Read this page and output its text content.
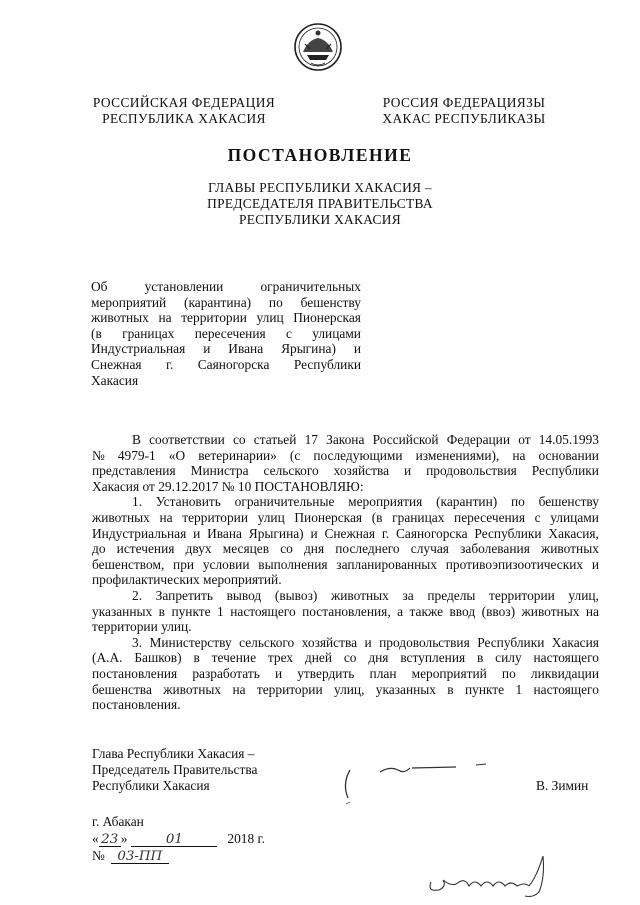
РОССИЙСКАЯ ФЕДЕРАЦИЯ
РЕСПУБЛИКА ХАКАСИЯ
РОССИЯ ФЕДЕРАЦИЯЗЫ
ХАКАС РЕСПУБЛИКАЗЫ
ПОСТАНОВЛЕНИЕ
ГЛАВЫ РЕСПУБЛИКИ ХАКАСИЯ –
ПРЕДСЕДАТЕЛЯ ПРАВИТЕЛЬСТВА
РЕСПУБЛИКИ ХАКАСИЯ
Об	установлении	ограничительных
мероприятий (карантина) по бешенству
животных на территории улиц Пионерская
(в границах пересечения с улицами
Индустриальная и Ивана Ярыгина) и
Снежная г. Саяногорска Республики
Хакасия
В соответствии со статьей 17 Закона Российской Федерации от 14.05.1993
№ 4979-1 «О ветеринарии» (с последующими изменениями), на основании
представления Министра сельского хозяйства и продовольствия Республики
Хакасия от 29.12.2017 № 10 ПОСТАНОВЛЯЮ:
1. Установить ограничительные мероприятия (карантин) по бешенству
животных на территории улиц Пионерская (в границах пересечения с улицами
Индустриальная и Ивана Ярыгина) и Снежная г. Саяногорска Республики Хакасия,
до истечения двух месяцев со дня последнего случая заболевания животных
бешенством, при условии выполнения запланированных противоэпизоотических и
профилактических мероприятий.
2. Запретить вывод (вывоз) животных за пределы территории улиц,
указанных в пункте 1 настоящего постановления, а также ввод (ввоз) животных на
территории улиц.
3. Министерству сельского хозяйства и продовольствия Республики Хакасия
(А.А. Башков) в течение трех дней со дня вступления в силу настоящего
постановления разработать и утвердить план мероприятий по ликвидации
бешенства животных на территории улиц, указанных в пункте 1 настоящего
постановления.
Глава Республики Хакасия –
Председатель Правительства
Республики Хакасия	В. Зимин
г. Абакан
« 23 »	01	2018 г.
№ 03-ПП
